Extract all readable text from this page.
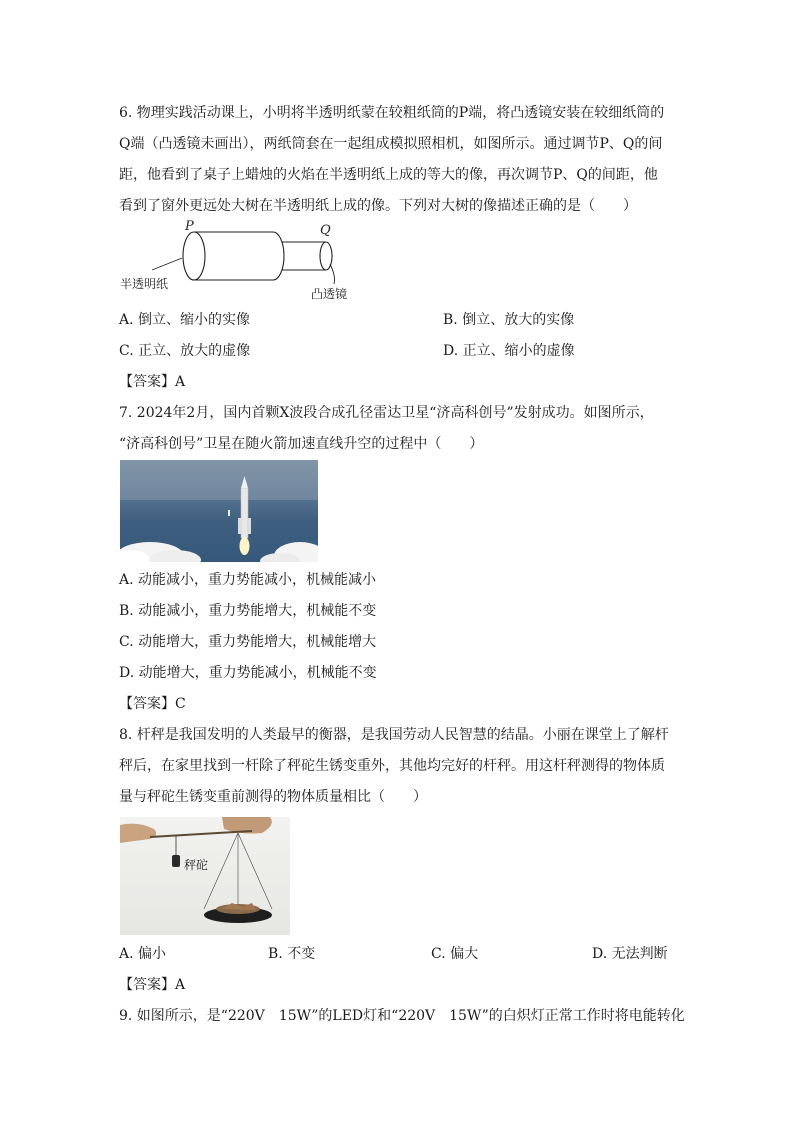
6. 物理实践活动课上，小明将半透明纸蒙在较粗纸筒的P端，将凸透镜安装在较细纸筒的
Q端（凸透镜未画出），两纸筒套在一起组成模拟照相机，如图所示。通过调节P、Q的间
距，他看到了桌子上蜡烛的火焰在半透明纸上成的等大的像，再次调节P、Q的间距，他
看到了窗外更远处大树在半透明纸上成的像。下列对大树的像描述正确的是（　　）
P	Q
半透明纸
凸透镜
A. 倒立、缩小的实像	B. 倒立、放大的实像
C. 正立、放大的虚像	D. 正立、缩小的虚像
【答案】A
7. 2024年2月，国内首颗X波段合成孔径雷达卫星“济高科创号”发射成功。如图所示，
“济高科创号”卫星在随火箭加速直线升空的过程中（　　）
A. 动能减小，重力势能减小，机械能减小
B. 动能减小，重力势能增大，机械能不变
C. 动能增大，重力势能增大，机械能增大
D. 动能增大，重力势能减小，机械能不变
【答案】C
8. 杆秤是我国发明的人类最早的衡器，是我国劳动人民智慧的结晶。小丽在课堂上了解杆
秤后，在家里找到一杆除了秤砣生锈变重外，其他均完好的杆秤。用这杆秤测得的物体质
量与秤砣生锈变重前测得的物体质量相比（　　）
秤砣
A. 偏小	B. 不变	C. 偏大	D. 无法判断
【答案】A
9. 如图所示，是“220V　15W”的LED灯和“220V　15W”的白炽灯正常工作时将电能转化
